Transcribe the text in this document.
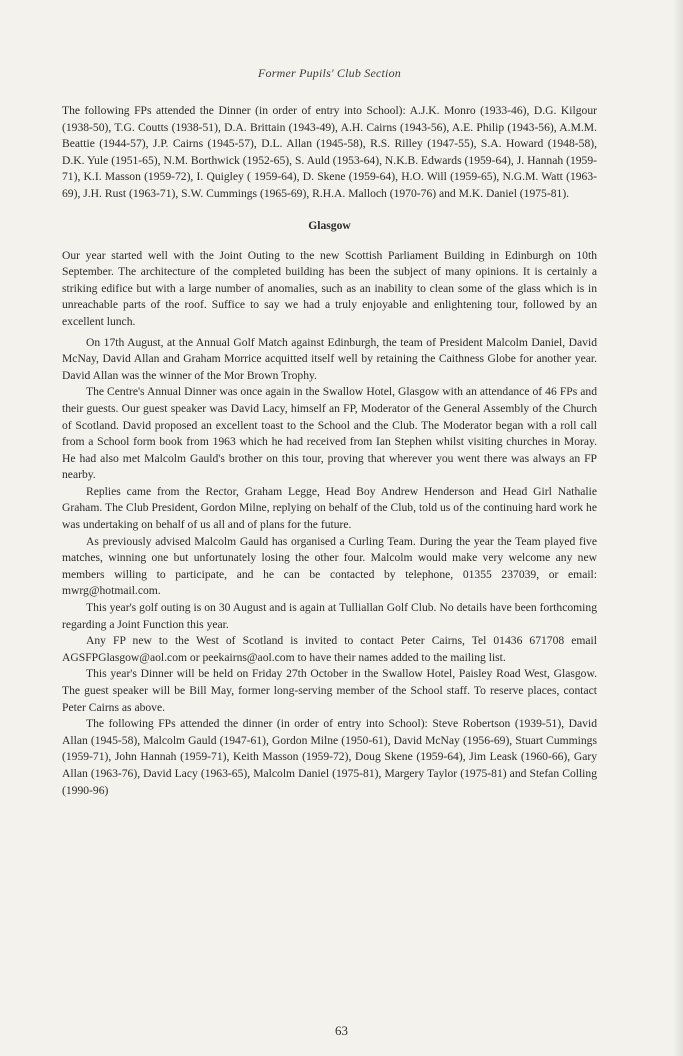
Former Pupils' Club Section

The following FPs attended the Dinner (in order of entry into School): A.J.K. Monro (1933-46), D.G. Kilgour (1938-50), T.G. Coutts (1938-51), D.A. Brittain (1943-49), A.H. Cairns (1943-56), A.E. Philip (1943-56), A.M.M. Beattie (1944-57), J.P. Cairns (1945-57), D.L. Allan (1945-58), R.S. Rilley (1947-55), S.A. Howard (1948-58), D.K. Yule (1951-65), N.M. Borthwick (1952-65), S. Auld (1953-64), N.K.B. Edwards (1959-64), J. Hannah (1959-71), K.I. Masson (1959-72), I. Quigley ( 1959-64), D. Skene (1959-64), H.O. Will (1959-65), N.G.M. Watt (1963-69), J.H. Rust (1963-71), S.W. Cummings (1965-69), R.H.A. Malloch (1970-76) and M.K. Daniel (1975-81).

Glasgow

Our year started well with the Joint Outing to the new Scottish Parliament Building in Edinburgh on 10th September. The architecture of the completed building has been the subject of many opinions. It is certainly a striking edifice but with a large number of anomalies, such as an inability to clean some of the glass which is in unreachable parts of the roof. Suffice to say we had a truly enjoyable and enlightening tour, followed by an excellent lunch.

On 17th August, at the Annual Golf Match against Edinburgh, the team of President Malcolm Daniel, David McNay, David Allan and Graham Morrice acquitted itself well by retaining the Caithness Globe for another year. David Allan was the winner of the Mor Brown Trophy.

The Centre's Annual Dinner was once again in the Swallow Hotel, Glasgow with an attendance of 46 FPs and their guests. Our guest speaker was David Lacy, himself an FP, Moderator of the General Assembly of the Church of Scotland. David proposed an excellent toast to the School and the Club. The Moderator began with a roll call from a School form book from 1963 which he had received from Ian Stephen whilst visiting churches in Moray. He had also met Malcolm Gauld's brother on this tour, proving that wherever you went there was always an FP nearby.

Replies came from the Rector, Graham Legge, Head Boy Andrew Henderson and Head Girl Nathalie Graham. The Club President, Gordon Milne, replying on behalf of the Club, told us of the continuing hard work he was undertaking on behalf of us all and of plans for the future.

As previously advised Malcolm Gauld has organised a Curling Team. During the year the Team played five matches, winning one but unfortunately losing the other four. Malcolm would make very welcome any new members willing to participate, and he can be contacted by telephone, 01355 237039, or email: mwrg@hotmail.com.

This year's golf outing is on 30 August and is again at Tulliallan Golf Club. No details have been forthcoming regarding a Joint Function this year.

Any FP new to the West of Scotland is invited to contact Peter Cairns, Tel 01436 671708 email AGSFPGlasgow@aol.com or peekairns@aol.com to have their names added to the mailing list.

This year's Dinner will be held on Friday 27th October in the Swallow Hotel, Paisley Road West, Glasgow. The guest speaker will be Bill May, former long-serving member of the School staff. To reserve places, contact Peter Cairns as above.

The following FPs attended the dinner (in order of entry into School): Steve Robertson (1939-51), David Allan (1945-58), Malcolm Gauld (1947-61), Gordon Milne (1950-61), David McNay (1956-69), Stuart Cummings (1959-71), John Hannah (1959-71), Keith Masson (1959-72), Doug Skene (1959-64), Jim Leask (1960-66), Gary Allan (1963-76), David Lacy (1963-65), Malcolm Daniel (1975-81), Margery Taylor (1975-81) and Stefan Colling (1990-96)

63
